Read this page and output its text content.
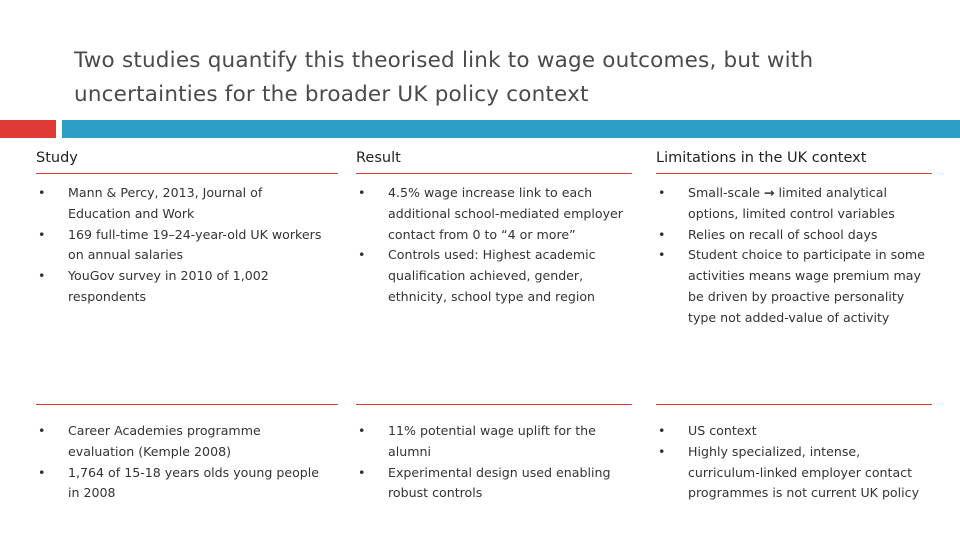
Two studies quantify this theorised link to wage outcomes, but with uncertainties for the broader UK policy context
Study	Result	Limitations in the UK context
• Mann & Percy, 2013, Journal of Education and Work
• 169 full-time 19–24-year-old UK workers on annual salaries
• YouGov survey in 2010 of 1,002 respondents
• 4.5% wage increase link to each additional school-mediated employer contact from 0 to “4 or more”
• Controls used: Highest academic qualification achieved, gender, ethnicity, school type and region
• Small-scale → limited analytical options, limited control variables
• Relies on recall of school days
• Student choice to participate in some activities means wage premium may be driven by proactive personality type not added-value of activity
• Career Academies programme evaluation (Kemple 2008)
• 1,764 of 15-18 years olds young people in 2008
• 11% potential wage uplift for the alumni
• Experimental design used enabling robust controls
• US context
• Highly specialized, intense, curriculum-linked employer contact programmes is not current UK policy
